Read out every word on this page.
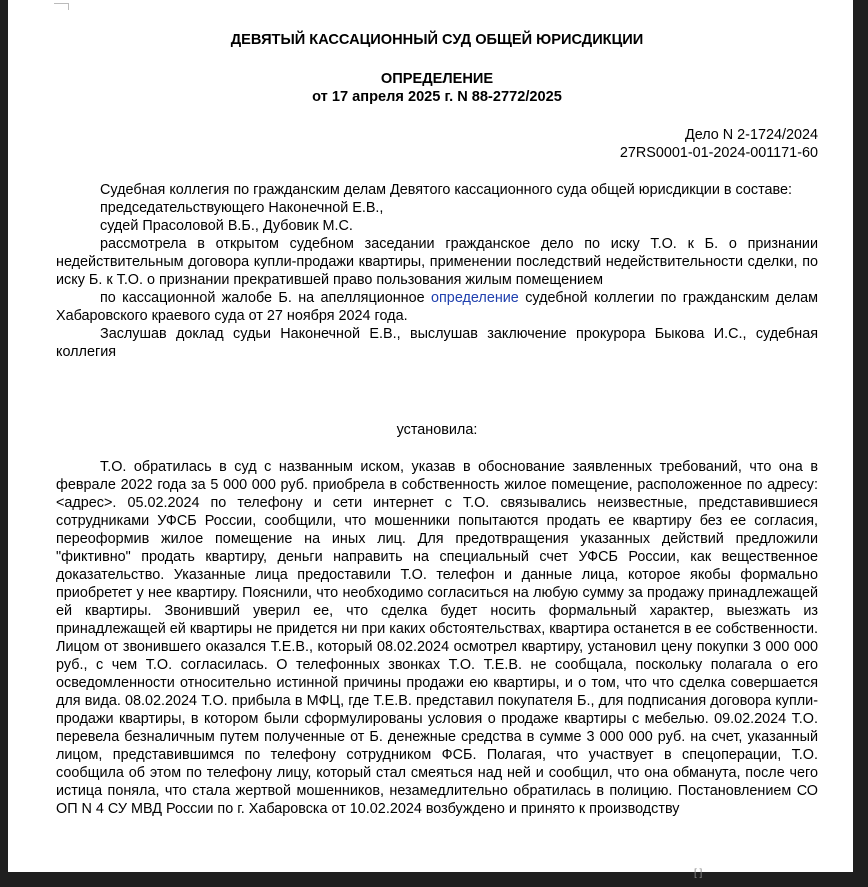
ДЕВЯТЫЙ КАССАЦИОННЫЙ СУД ОБЩЕЙ ЮРИСДИКЦИИ
ОПРЕДЕЛЕНИЕ
от 17 апреля 2025 г. N 88-2772/2025
Дело N 2-1724/2024
27RS0001-01-2024-001171-60

Судебная коллегия по гражданским делам Девятого кассационного суда общей юрисдикции в составе:

председательствующего Наконечной Е.В.,

судей Прасоловой В.Б., Дубовик М.С.

рассмотрела в открытом судебном заседании гражданское дело по иску Т.О. к Б. о признании недействительным договора купли-продажи квартиры, применении последствий недействительности сделки, по иску Б. к Т.О. о признании прекратившей право пользования жилым помещением

по кассационной жалобе Б. на апелляционное определение судебной коллегии по гражданским делам Хабаровского краевого суда от 27 ноября 2024 года.

Заслушав доклад судьи Наконечной Е.В., выслушав заключение прокурора Быкова И.С., судебная коллегия

установила:

Т.О. обратилась в суд с названным иском, указав в обоснование заявленных требований, что она в феврале 2022 года за 5 000 000 руб. приобрела в собственность жилое помещение, расположенное по адресу: <адрес>. 05.02.2024 по телефону и сети интернет с Т.О. связывались неизвестные, представившиеся сотрудниками УФСБ России, сообщили, что мошенники попытаются продать ее квартиру без ее согласия, переоформив жилое помещение на иных лиц. Для предотвращения указанных действий предложили "фиктивно" продать квартиру, деньги направить на специальный счет УФСБ России, как вещественное доказательство. Указанные лица предоставили Т.О. телефон и данные лица, которое якобы формально приобретет у нее квартиру. Пояснили, что необходимо согласиться на любую сумму за продажу принадлежащей ей квартиры. Звонивший уверил ее, что сделка будет носить формальный характер, выезжать из принадлежащей ей квартиры не придется ни при каких обстоятельствах, квартира останется в ее собственности. Лицом от звонившего оказался Т.Е.В., который 08.02.2024 осмотрел квартиру, установил цену покупки 3 000 000 руб., с чем Т.О. согласилась. О телефонных звонках Т.О. Т.Е.В. не сообщала, поскольку полагала о его осведомленности относительно истинной причины продажи ею квартиры, и о том, что что сделка совершается для вида. 08.02.2024 Т.О. прибыла в МФЦ, где Т.Е.В. представил покупателя Б., для подписания договора купли-продажи квартиры, в котором были сформулированы условия о продаже квартиры с мебелью. 09.02.2024 Т.О. перевела безналичным путем полученные от Б. денежные средства в сумме 3 000 000 руб. на счет, указанный лицом, представившимся по телефону сотрудником ФСБ. Полагая, что участвует в спецоперации, Т.О. сообщила об этом по телефону лицу, который стал смеяться над ней и сообщил, что она обманута, после чего истица поняла, что стала жертвой мошенников, незамедлительно обратилась в полицию. Постановлением СО ОП N 4 СУ МВД России по г. Хабаровска от 10.02.2024 возбуждено и принято к производству

[ ]
